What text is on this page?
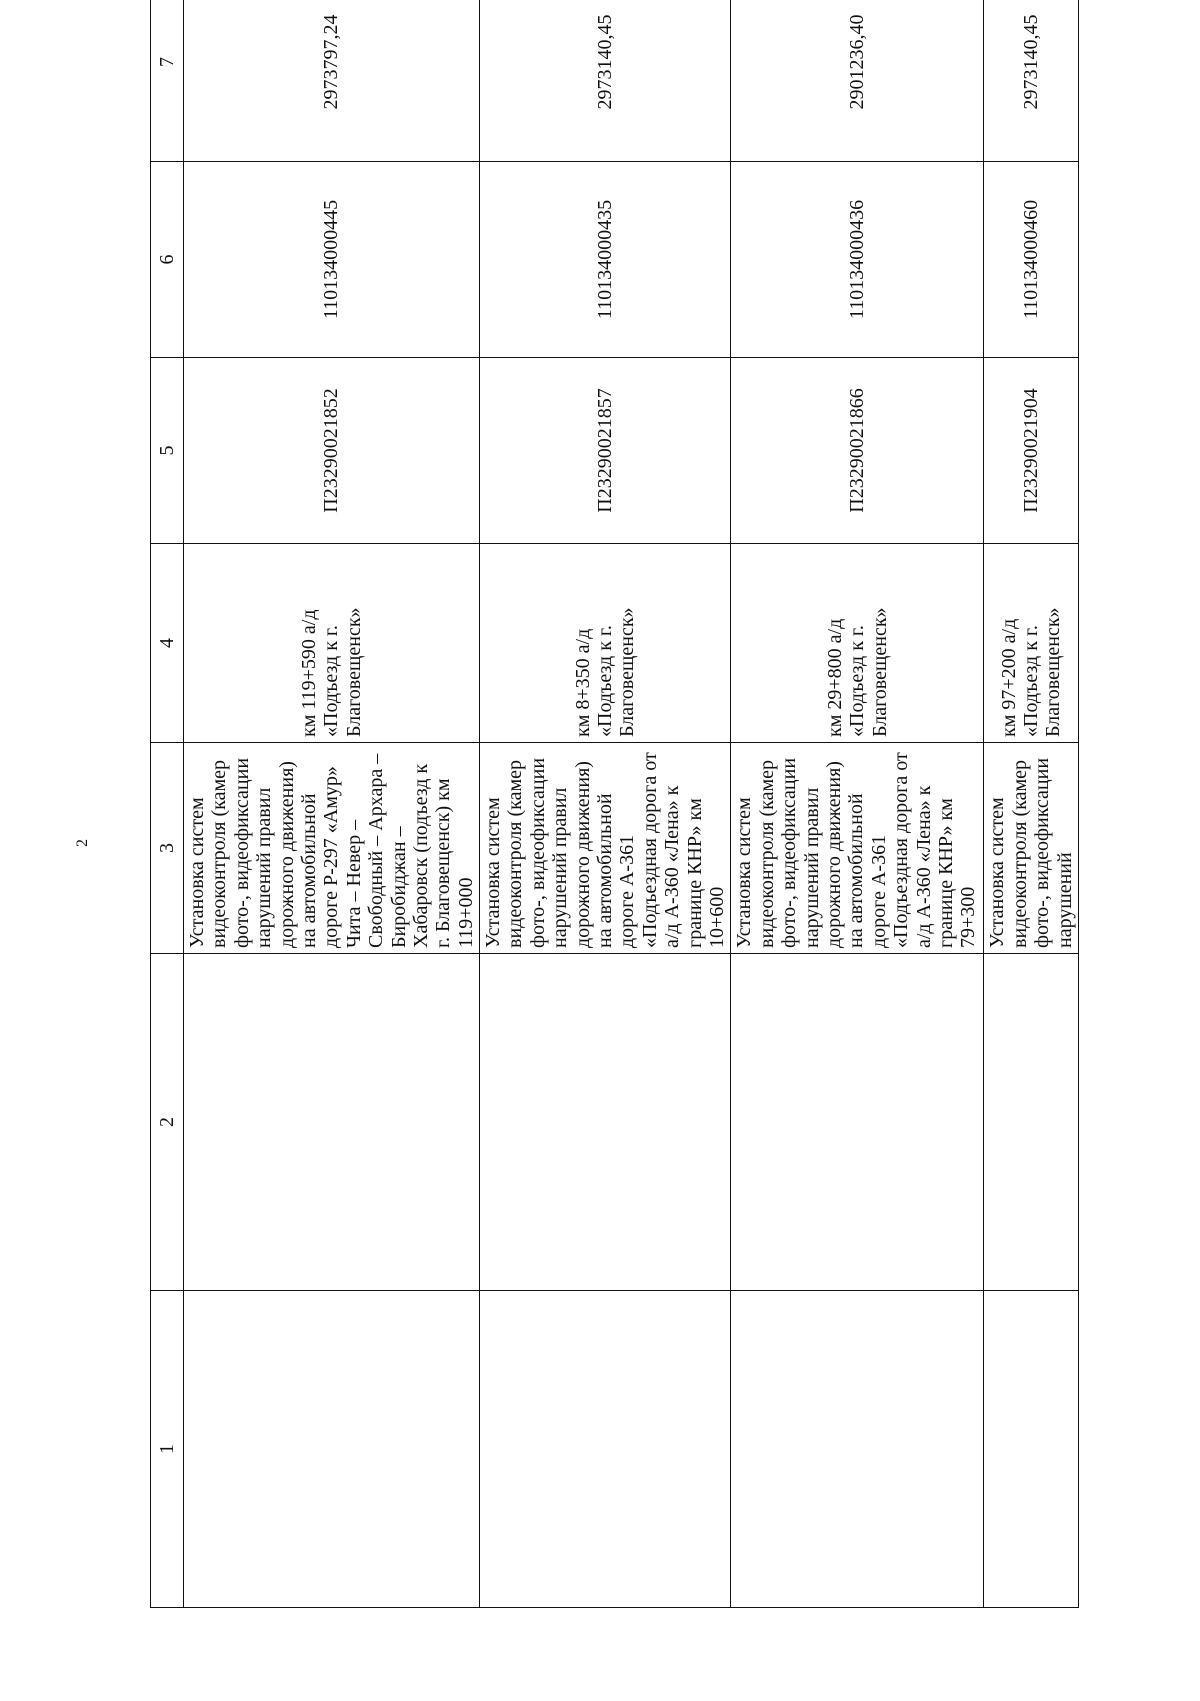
2
1	2	3	4	5	6	7
		Установка систем видеоконтроля (камер фото-, видеофиксации нарушений правил дорожного движения) на автомобильной дороге Р-297 «Амур» Чита – Невер – Свободный – Архара – Биробиджан – Хабаровск (подъезд к г. Благовещенск) км 119+000	км 119+590 а/д «Подъезд к г. Благовещенск»	П23290021852	110134000445	2973797,24
		Установка систем видеоконтроля (камер фото-, видеофиксации нарушений правил дорожного движения) на автомобильной дороге А-361 «Подъездная дорога от а/д А-360 «Лена» к границе КНР» км 10+600	км 8+350 а/д «Подъезд к г. Благовещенск»	П23290021857	110134000435	2973140,45
		Установка систем видеоконтроля (камер фото-, видеофиксации нарушений правил дорожного движения) на автомобильной дороге А-361 «Подъездная дорога от а/д А-360 «Лена» к границе КНР» км 79+300	км 29+800 а/д «Подъезд к г. Благовещенск»	П23290021866	110134000436	2901236,40
		Установка систем видеоконтроля (камер фото-, видеофиксации нарушений	км 97+200 а/д «Подъезд к г. Благовещенск»	П23290021904	110134000460	2973140,45
